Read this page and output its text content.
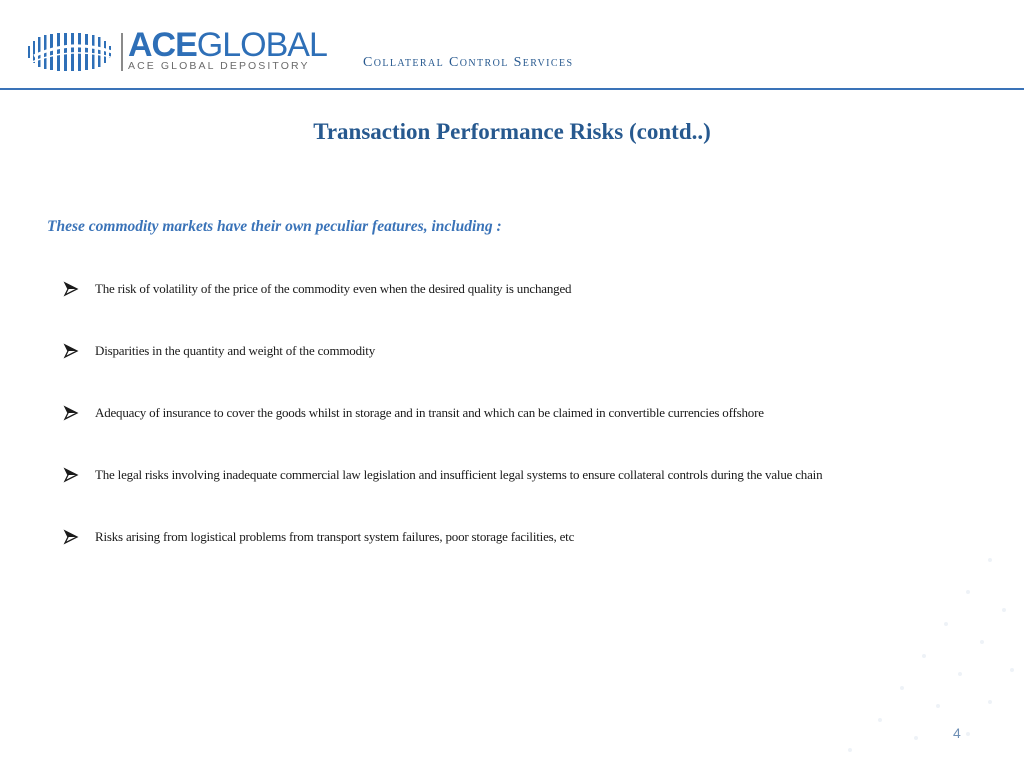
ACEGLOBAL
ACE GLOBAL DEPOSITORY	Collateral Control Services
Transaction Performance Risks (contd..)
These commodity markets have their own peculiar features, including :
The risk of volatility of the price of the commodity even when the desired quality is unchanged
Disparities in the quantity and weight of the commodity
Adequacy of insurance to cover the goods whilst in storage and in transit and which can be claimed in convertible currencies offshore
The legal risks involving inadequate commercial law legislation and insufficient legal systems to ensure collateral controls during the value chain
Risks arising from logistical problems from transport system failures, poor storage facilities, etc
4
